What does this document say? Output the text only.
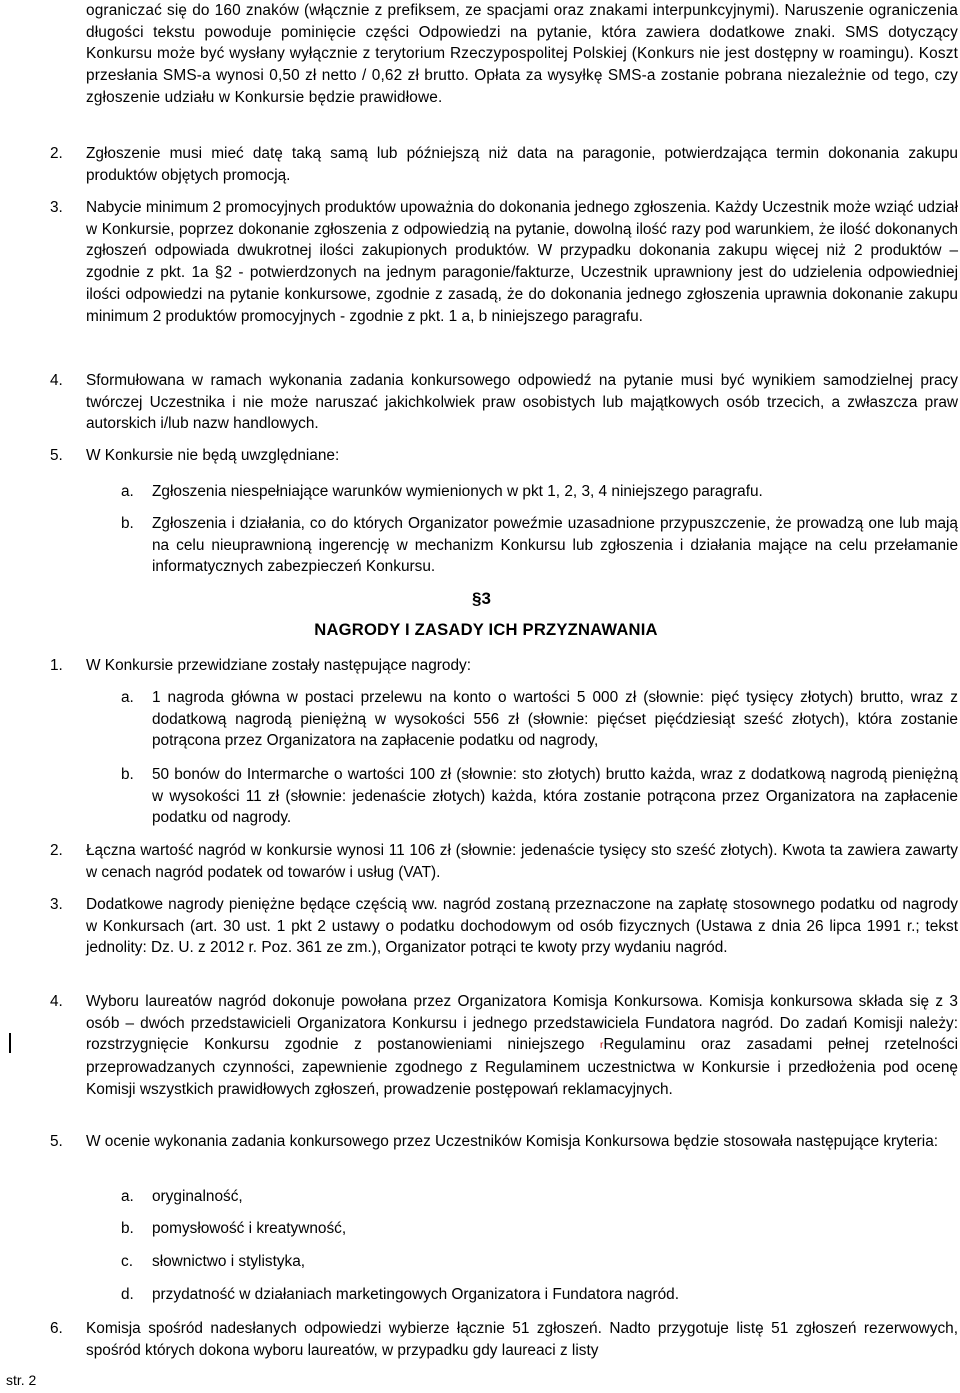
ograniczać się do 160 znaków (włącznie z prefiksem, ze spacjami oraz znakami interpunkcyjnymi). Naruszenie ograniczenia długości tekstu powoduje pominięcie części Odpowiedzi na pytanie, która zawiera dodatkowe znaki. SMS dotyczący Konkursu może być wysłany wyłącznie z terytorium Rzeczypospolitej Polskiej (Konkurs nie jest dostępny w roamingu). Koszt przesłania SMS-a wynosi 0,50 zł netto / 0,62 zł brutto. Opłata za wysyłkę SMS-a zostanie pobrana niezależnie od tego, czy zgłoszenie udziału w Konkursie będzie prawidłowe.
2. Zgłoszenie musi mieć datę taką samą lub późniejszą niż data na paragonie, potwierdzająca termin dokonania zakupu produktów objętych promocją.
3. Nabycie minimum 2 promocyjnych produktów upoważnia do dokonania jednego zgłoszenia. Każdy Uczestnik może wziąć udział w Konkursie, poprzez dokonanie zgłoszenia z odpowiedzią na pytanie, dowolną ilość razy pod warunkiem, że ilość dokonanych zgłoszeń odpowiada dwukrotnej ilości zakupionych produktów. W przypadku dokonania zakupu więcej niż 2 produktów – zgodnie z pkt. 1a §2 - potwierdzonych na jednym paragonie/fakturze, Uczestnik uprawniony jest do udzielenia odpowiedniej ilości odpowiedzi na pytanie konkursowe, zgodnie z zasadą, że do dokonania jednego zgłoszenia uprawnia dokonanie zakupu minimum 2 produktów promocyjnych - zgodnie z pkt. 1 a, b niniejszego paragrafu.
4. Sformułowana w ramach wykonania zadania konkursowego odpowiedź na pytanie musi być wynikiem samodzielnej pracy twórczej Uczestnika i nie może naruszać jakichkolwiek praw osobistych lub majątkowych osób trzecich, a zwłaszcza praw autorskich i/lub nazw handlowych.
5. W Konkursie nie będą uwzględniane:
a. Zgłoszenia niespełniające warunków wymienionych w pkt 1, 2, 3, 4 niniejszego paragrafu.
b. Zgłoszenia i działania, co do których Organizator poweźmie uzasadnione przypuszczenie, że prowadzą one lub mają na celu nieuprawnioną ingerencję w mechanizm Konkursu lub zgłoszenia i działania mające na celu przełamanie informatycznych zabezpieczeń Konkursu.
§3
NAGRODY I ZASADY ICH PRZYZNAWANIA
1. W Konkursie przewidziane zostały następujące nagrody:
a. 1 nagroda główna w postaci przelewu na konto o wartości 5 000 zł (słownie: pięć tysięcy złotych) brutto, wraz z dodatkową nagrodą pieniężną w wysokości 556 zł (słownie: pięćset pięćdziesiąt sześć złotych), która zostanie potrącona przez Organizatora na zapłacenie podatku od nagrody,
b. 50 bonów do Intermarche o wartości 100 zł (słownie: sto złotych) brutto każda, wraz z dodatkową nagrodą pieniężną w wysokości 11 zł (słownie: jedenaście złotych) każda, która zostanie potrącona przez Organizatora na zapłacenie podatku od nagrody.
2. Łączna wartość nagród w konkursie wynosi 11 106 zł (słownie: jedenaście tysięcy sto sześć złotych). Kwota ta zawiera zawarty w cenach nagród podatek od towarów i usług (VAT).
3. Dodatkowe nagrody pieniężne będące częścią ww. nagród zostaną przeznaczone na zapłatę stosownego podatku od nagrody w Konkursach (art. 30 ust. 1 pkt 2 ustawy o podatku dochodowym od osób fizycznych (Ustawa z dnia 26 lipca 1991 r.; tekst jednolity: Dz. U. z 2012 r. Poz. 361 ze zm.), Organizator potrąci te kwoty przy wydaniu nagród.
4. Wyboru laureatów nagród dokonuje powołana przez Organizatora Komisja Konkursowa. Komisja konkursowa składa się z 3 osób – dwóch przedstawicieli Organizatora Konkursu i jednego przedstawiciela Fundatora nagród. Do zadań Komisji należy: rozstrzygnięcie Konkursu zgodnie z postanowieniami niniejszego rRegulaminu oraz zasadami pełnej rzetelności przeprowadzanych czynności, zapewnienie zgodnego z Regulaminem uczestnictwa w Konkursie i przedłożenia pod ocenę Komisji wszystkich prawidłowych zgłoszeń, prowadzenie postępowań reklamacyjnych.
5. W ocenie wykonania zadania konkursowego przez Uczestników Komisja Konkursowa będzie stosowała następujące kryteria:
a. oryginalność,
b. pomysłowość i kreatywność,
c. słownictwo i stylistyka,
d. przydatność w działaniach marketingowych Organizatora i Fundatora nagród.
6. Komisja spośród nadesłanych odpowiedzi wybierze łącznie 51 zgłoszeń. Nadto przygotuje listę 51 zgłoszeń rezerwowych, spośród których dokona wyboru laureatów, w przypadku gdy laureaci z listy
str. 2
